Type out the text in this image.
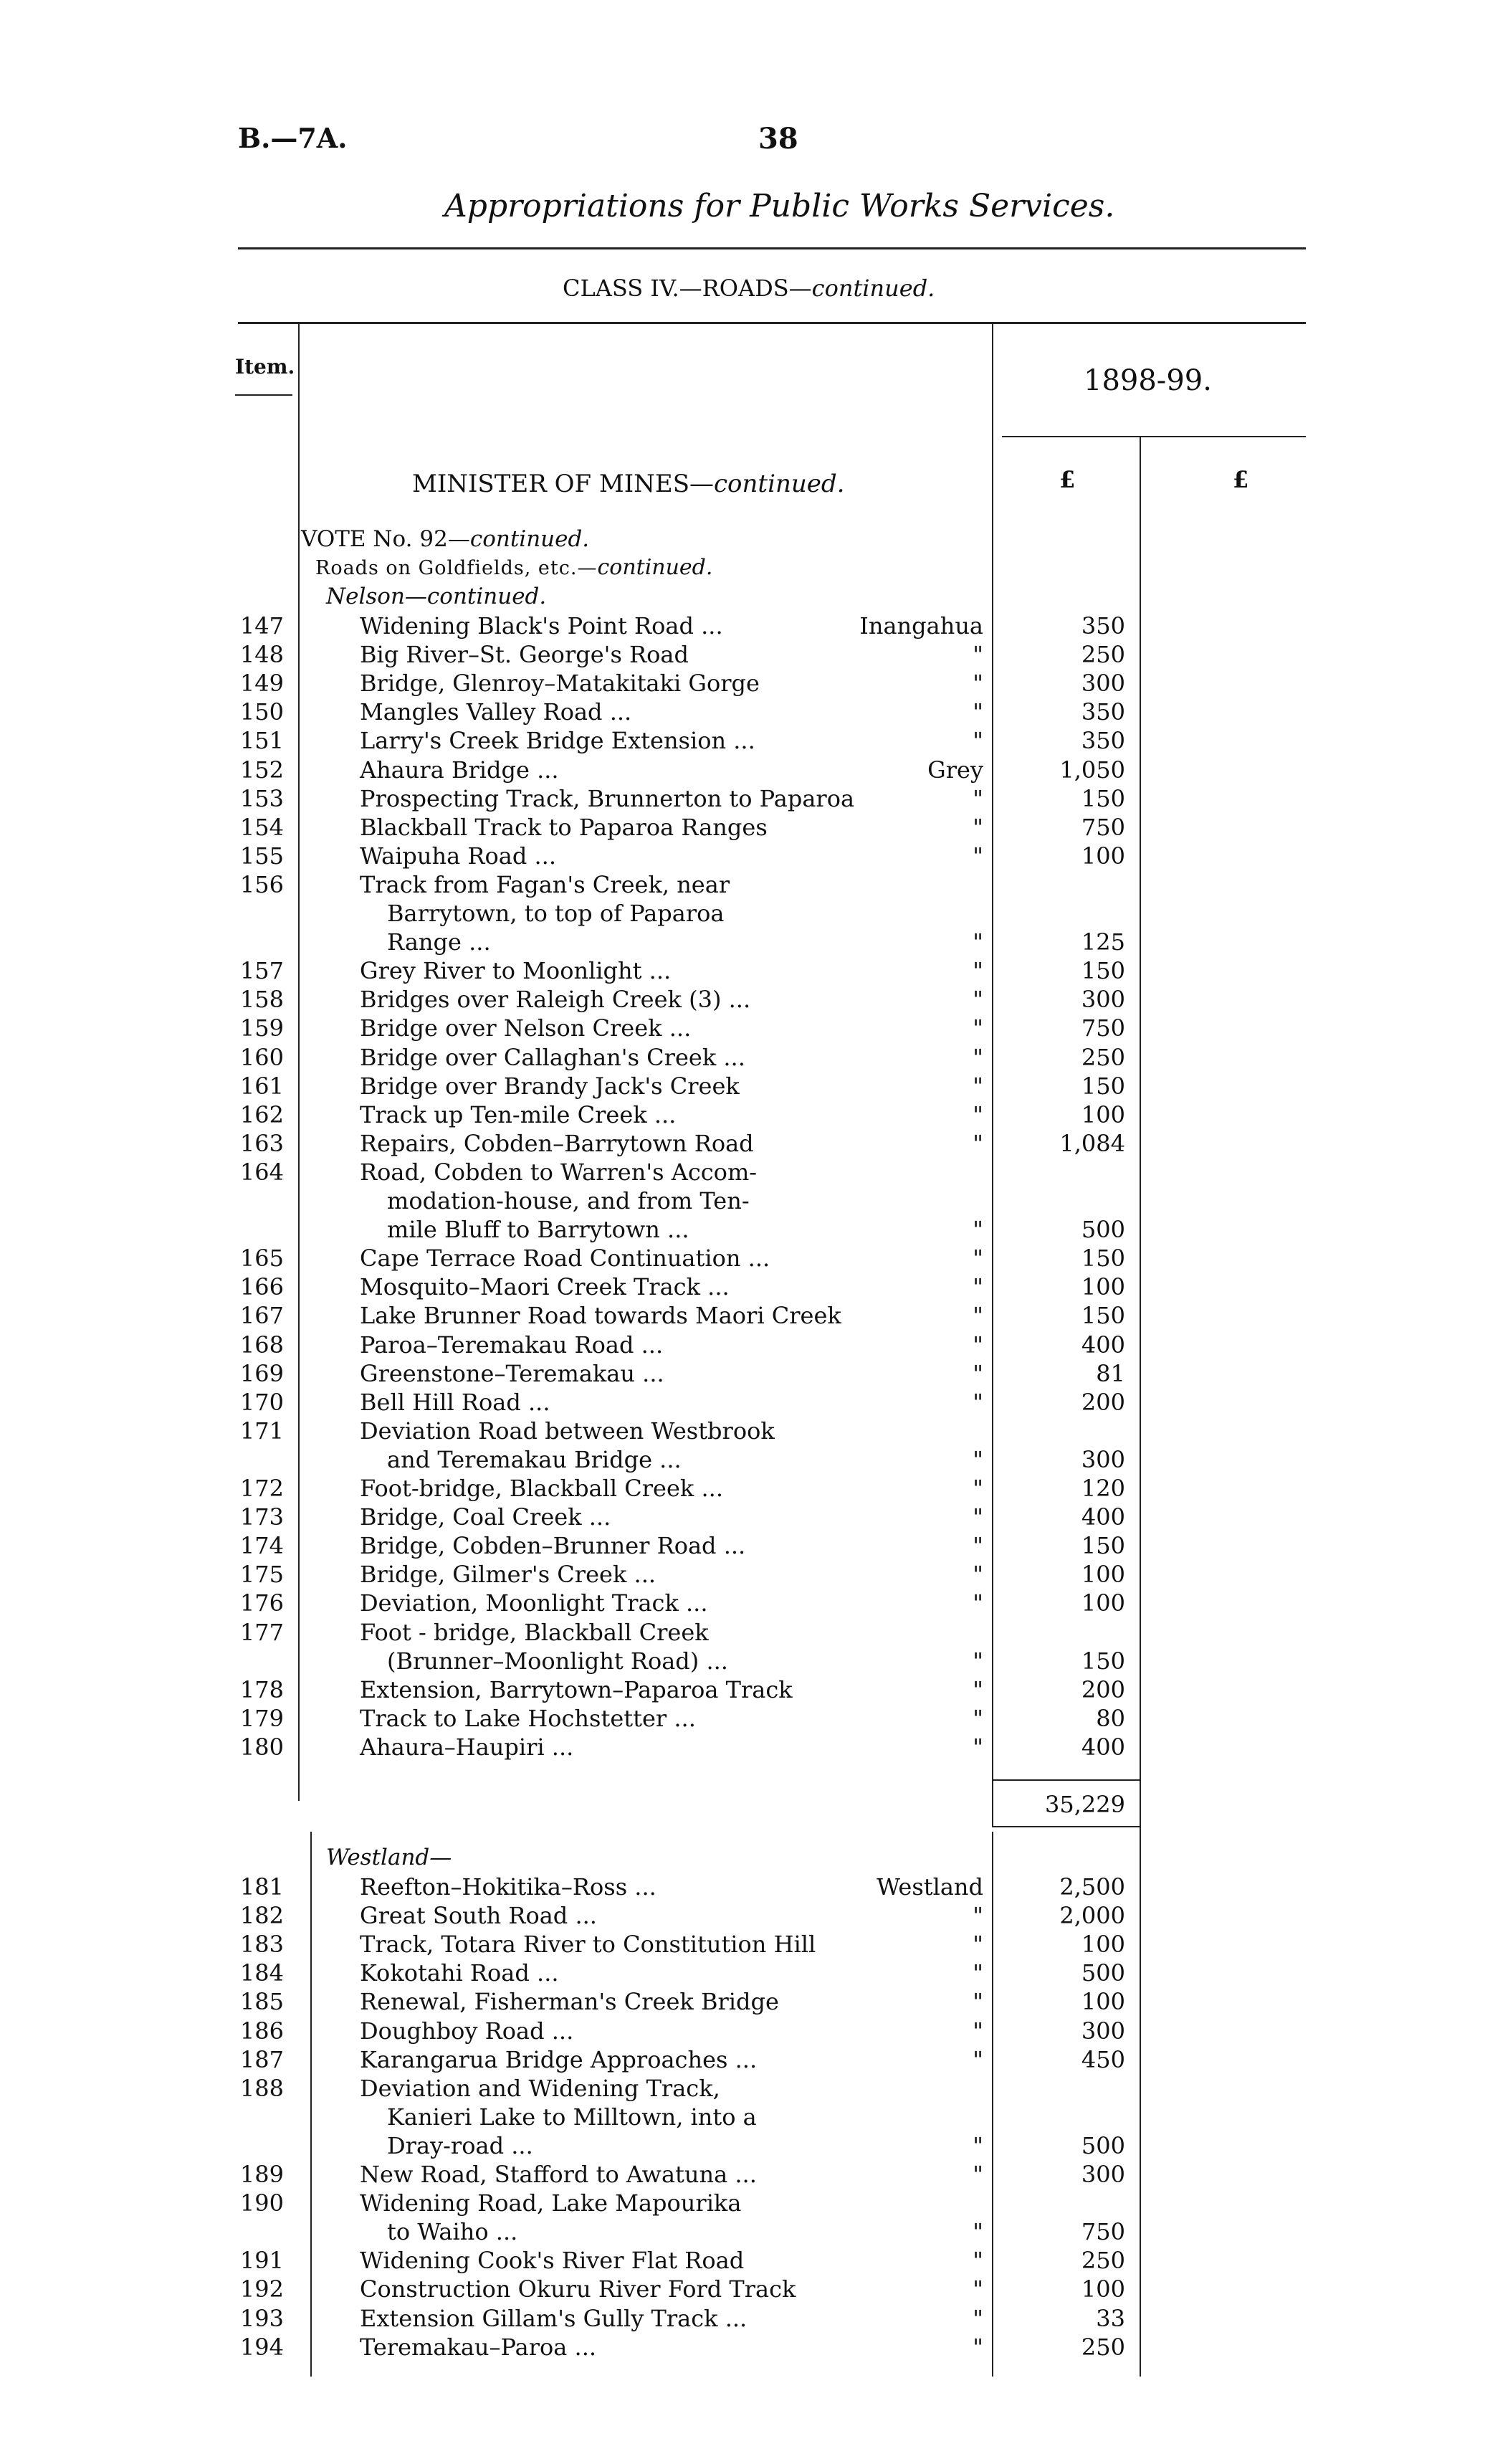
B.—7A.	38
Appropriations for Public Works Services.
CLASS IV.—ROADS—continued.
Item.	1898-99.
£	£
MINISTER OF MINES—continued.
VOTE No. 92—continued.
Roads on Goldfields, etc.—continued.
Nelson—continued.
147	Widening Black's Point Road ...	Inangahua	350
148	Big River–St. George's Road	"	250
149	Bridge, Glenroy–Matakitaki Gorge	"	300
150	Mangles Valley Road ...	"	350
151	Larry's Creek Bridge Extension ...	"	350
152	Ahaura Bridge ...	Grey	1,050
153	Prospecting Track, Brunnerton to Paparoa	"	150
154	Blackball Track to Paparoa Ranges	"	750
155	Waipuha Road ...	"	100
156	Track from Fagan's Creek, near
Barrytown, to top of Paparoa
Range ...	"	125
157	Grey River to Moonlight ...	"	150
158	Bridges over Raleigh Creek (3) ...	"	300
159	Bridge over Nelson Creek ...	"	750
160	Bridge over Callaghan's Creek ...	"	250
161	Bridge over Brandy Jack's Creek	"	150
162	Track up Ten-mile Creek ...	"	100
163	Repairs, Cobden–Barrytown Road	"	1,084
164	Road, Cobden to Warren's Accom-
modation-house, and from Ten-
mile Bluff to Barrytown ...	"	500
165	Cape Terrace Road Continuation ...	"	150
166	Mosquito–Maori Creek Track ...	"	100
167	Lake Brunner Road towards Maori Creek	"	150
168	Paroa–Teremakau Road ...	"	400
169	Greenstone–Teremakau ...	"	81
170	Bell Hill Road ...	"	200
171	Deviation Road between Westbrook
and Teremakau Bridge ...	"	300
172	Foot-bridge, Blackball Creek ...	"	120
173	Bridge, Coal Creek ...	"	400
174	Bridge, Cobden–Brunner Road ...	"	150
175	Bridge, Gilmer's Creek ...	"	100
176	Deviation, Moonlight Track ...	"	100
177	Foot - bridge, Blackball Creek
(Brunner–Moonlight Road) ...	"	150
178	Extension, Barrytown–Paparoa Track	"	200
179	Track to Lake Hochstetter ...	"	80
180	Ahaura–Haupiri ...	"	400
35,229
Westland—
181	Reefton–Hokitika–Ross ...	Westland	2,500
182	Great South Road ...	"	2,000
183	Track, Totara River to Constitution Hill	"	100
184	Kokotahi Road ...	"	500
185	Renewal, Fisherman's Creek Bridge	"	100
186	Doughboy Road ...	"	300
187	Karangarua Bridge Approaches ...	"	450
188	Deviation and Widening Track,
Kanieri Lake to Milltown, into a
Dray-road ...	"	500
189	New Road, Stafford to Awatuna ...	"	300
190	Widening Road, Lake Mapourika
to Waiho ...	"	750
191	Widening Cook's River Flat Road	"	250
192	Construction Okuru River Ford Track	"	100
193	Extension Gillam's Gully Track ...	"	33
194	Teremakau–Paroa ...	"	250
